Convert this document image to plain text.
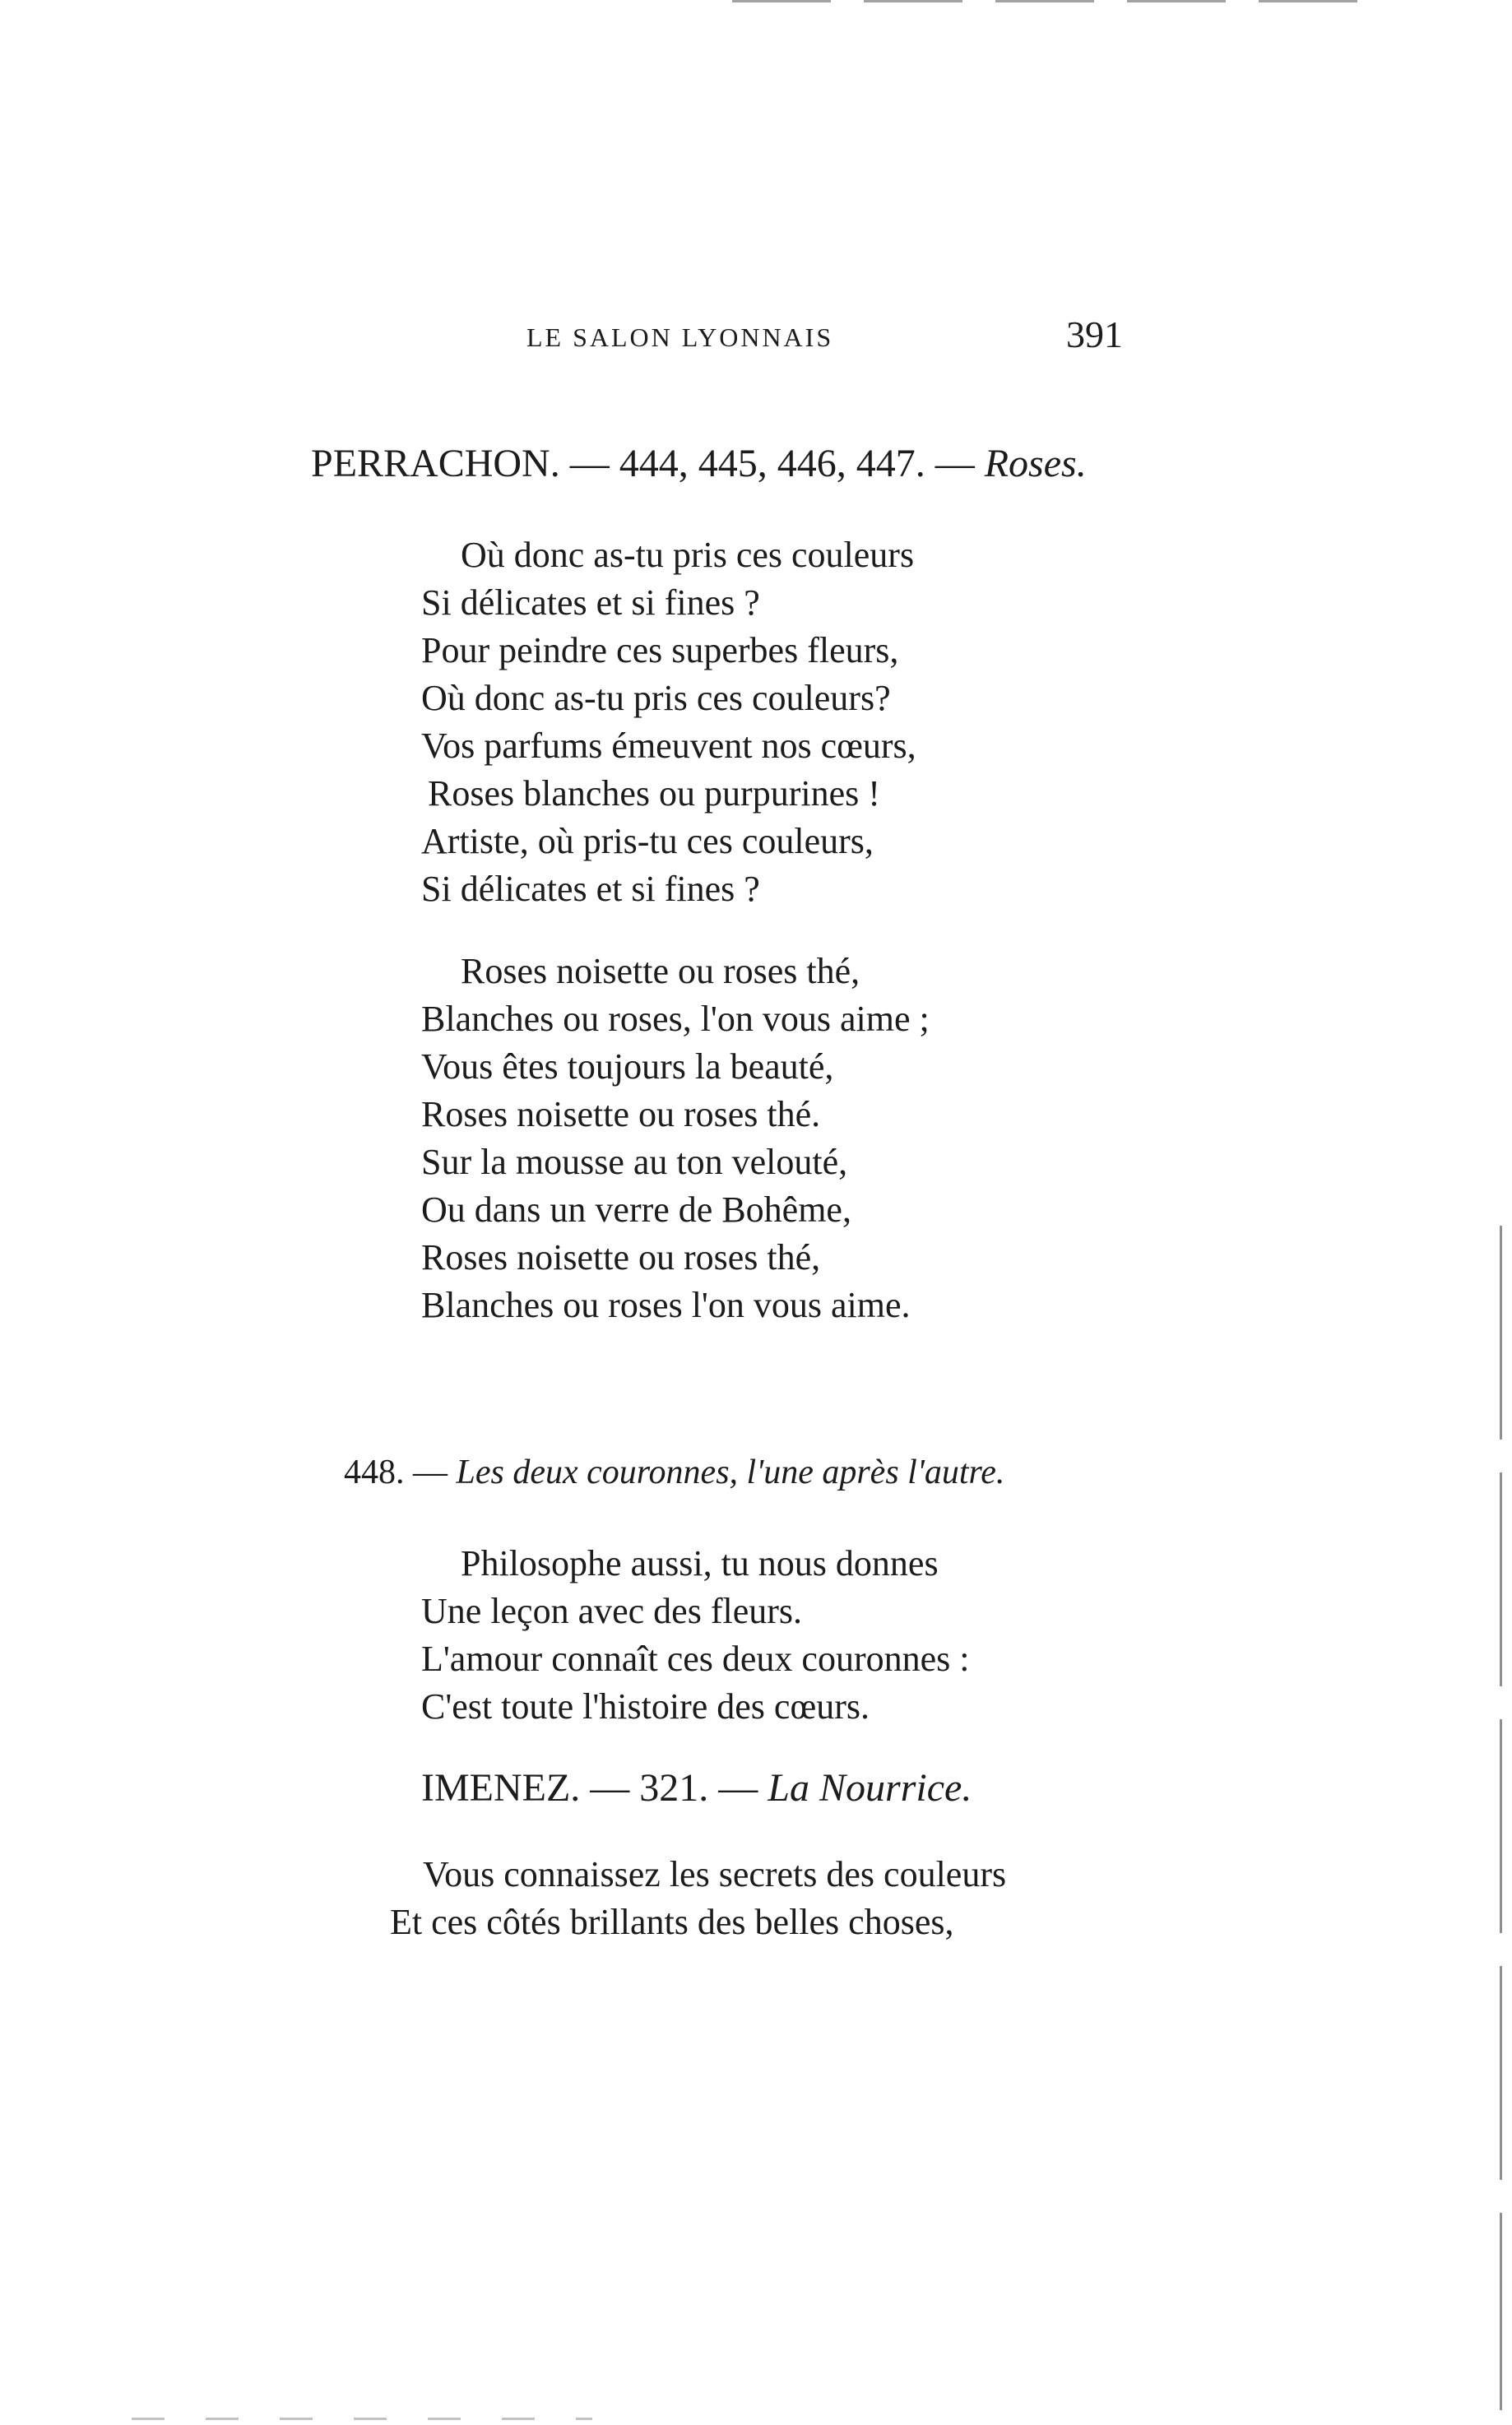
LE SALON LYONNAIS	391
PERRACHON. — 444, 445, 446, 447. — Roses.
Où donc as-tu pris ces couleurs
Si délicates et si fines ?
Pour peindre ces superbes fleurs,
Où donc as-tu pris ces couleurs?
Vos parfums émeuvent nos cœurs,
Roses blanches ou purpurines !
Artiste, où pris-tu ces couleurs,
Si délicates et si fines ?
Roses noisette ou roses thé,
Blanches ou roses, l'on vous aime ;
Vous êtes toujours la beauté,
Roses noisette ou roses thé.
Sur la mousse au ton velouté,
Ou dans un verre de Bohême,
Roses noisette ou roses thé,
Blanches ou roses l'on vous aime.
448. — Les deux couronnes, l'une après l'autre.
Philosophe aussi, tu nous donnes
Une leçon avec des fleurs.
L'amour connaît ces deux couronnes :
C'est toute l'histoire des cœurs.
IMENEZ. — 321. — La Nourrice.
Vous connaissez les secrets des couleurs
Et ces côtés brillants des belles choses,
